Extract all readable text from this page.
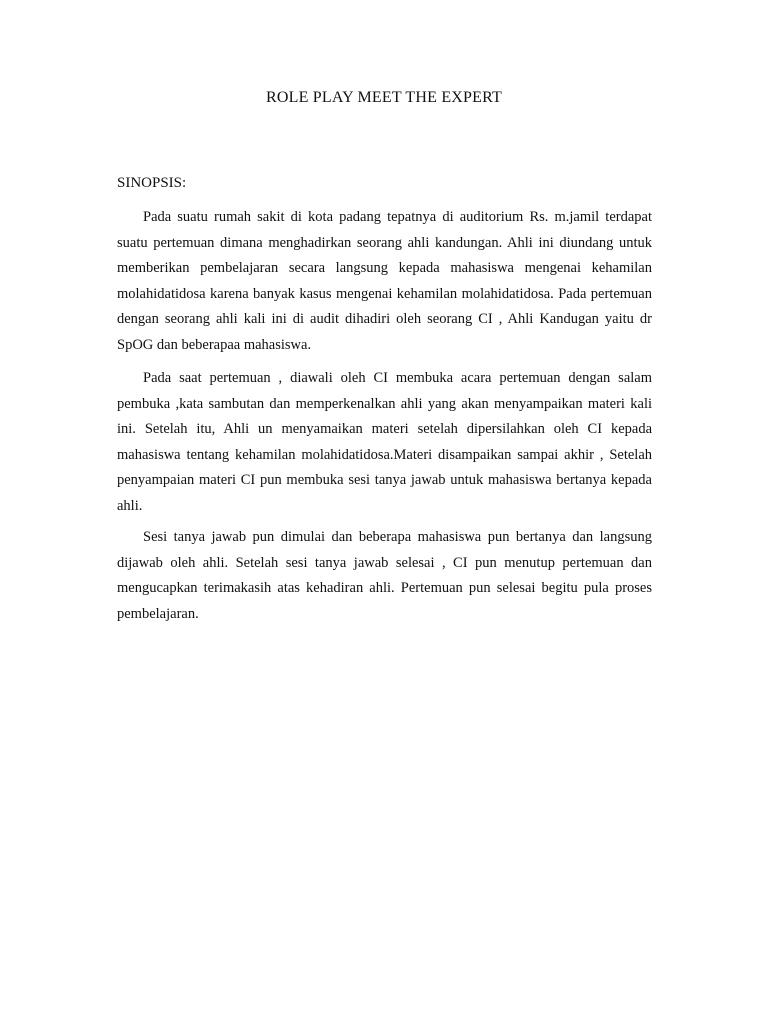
ROLE PLAY MEET THE EXPERT
SINOPSIS:

Pada suatu rumah sakit di kota padang tepatnya di auditorium Rs. m.jamil terdapat suatu pertemuan dimana menghadirkan seorang ahli kandungan. Ahli ini diundang untuk memberikan pembelajaran secara langsung kepada mahasiswa mengenai kehamilan molahidatidosa karena banyak kasus mengenai kehamilan molahidatidosa. Pada pertemuan dengan seorang ahli kali ini di audit dihadiri oleh seorang CI , Ahli Kandugan yaitu dr SpOG dan beberapaa mahasiswa.

Pada saat pertemuan , diawali oleh CI membuka acara pertemuan dengan salam pembuka ,kata sambutan dan memperkenalkan ahli yang akan menyampaikan materi kali ini. Setelah itu, Ahli un menyamaikan materi setelah dipersilahkan oleh CI kepada mahasiswa tentang kehamilan molahidatidosa.Materi disampaikan sampai akhir , Setelah penyampaian materi CI pun membuka sesi tanya jawab untuk mahasiswa bertanya kepada ahli.

Sesi tanya jawab pun dimulai dan beberapa mahasiswa pun bertanya dan langsung dijawab oleh ahli. Setelah sesi tanya jawab selesai , CI pun menutup pertemuan dan mengucapkan terimakasih atas kehadiran ahli. Pertemuan pun selesai begitu pula proses pembelajaran.
